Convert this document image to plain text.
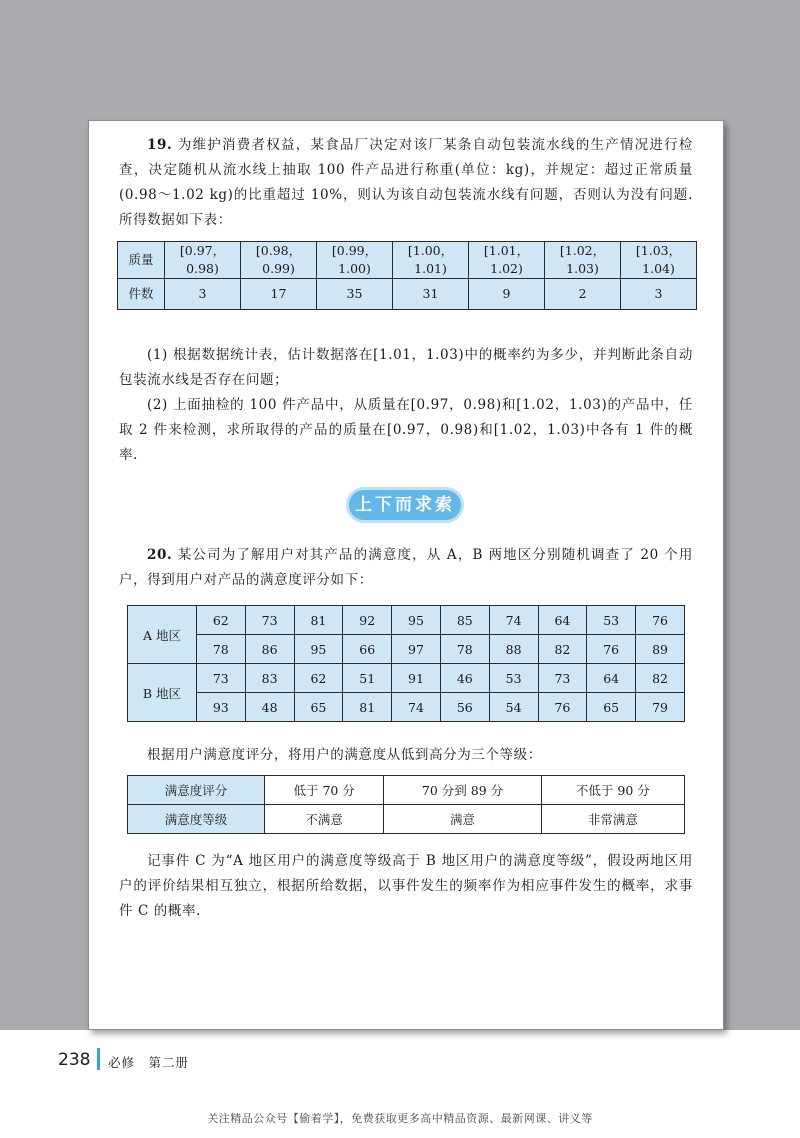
19. 为维护消费者权益，某食品厂决定对该厂某条自动包装流水线的生产情况进行检查，决定随机从流水线上抽取 100 件产品进行称重(单位：kg)，并规定：超过正常质量(0.98～1.02 kg)的比重超过 10%，则认为该自动包装流水线有问题，否则认为没有问题.所得数据如下表：

质量	[0.97，0.98)	[0.98，0.99)	[0.99，1.00)	[1.00，1.01)	[1.01，1.02)	[1.02，1.03)	[1.03，1.04)
件数	3	17	35	31	9	2	3

(1) 根据数据统计表，估计数据落在[1.01，1.03)中的概率约为多少，并判断此条自动包装流水线是否存在问题；

(2) 上面抽检的 100 件产品中，从质量在[0.97，0.98)和[1.02，1.03)的产品中，任取 2 件来检测，求所取得的产品的质量在[0.97，0.98)和[1.02，1.03)中各有 1 件的概率.

上下而求索

20. 某公司为了解用户对其产品的满意度，从 A，B 两地区分别随机调查了 20 个用户，得到用户对产品的满意度评分如下：

A 地区	62	73	81	92	95	85	74	64	53	76
	78	86	95	66	97	78	88	82	76	89
B 地区	73	83	62	51	91	46	53	73	64	82
	93	48	65	81	74	56	54	76	65	79

根据用户满意度评分，将用户的满意度从低到高分为三个等级：

满意度评分	低于 70 分	70 分到 89 分	不低于 90 分
满意度等级	不满意	满意	非常满意

记事件 C 为“A 地区用户的满意度等级高于 B 地区用户的满意度等级”，假设两地区用户的评价结果相互独立，根据所给数据，以事件发生的频率作为相应事件发生的概率，求事件 C 的概率.

238 必修　第二册
关注精品公众号【偷着学】，免费获取更多高中精品资源、最新网课、讲义等
